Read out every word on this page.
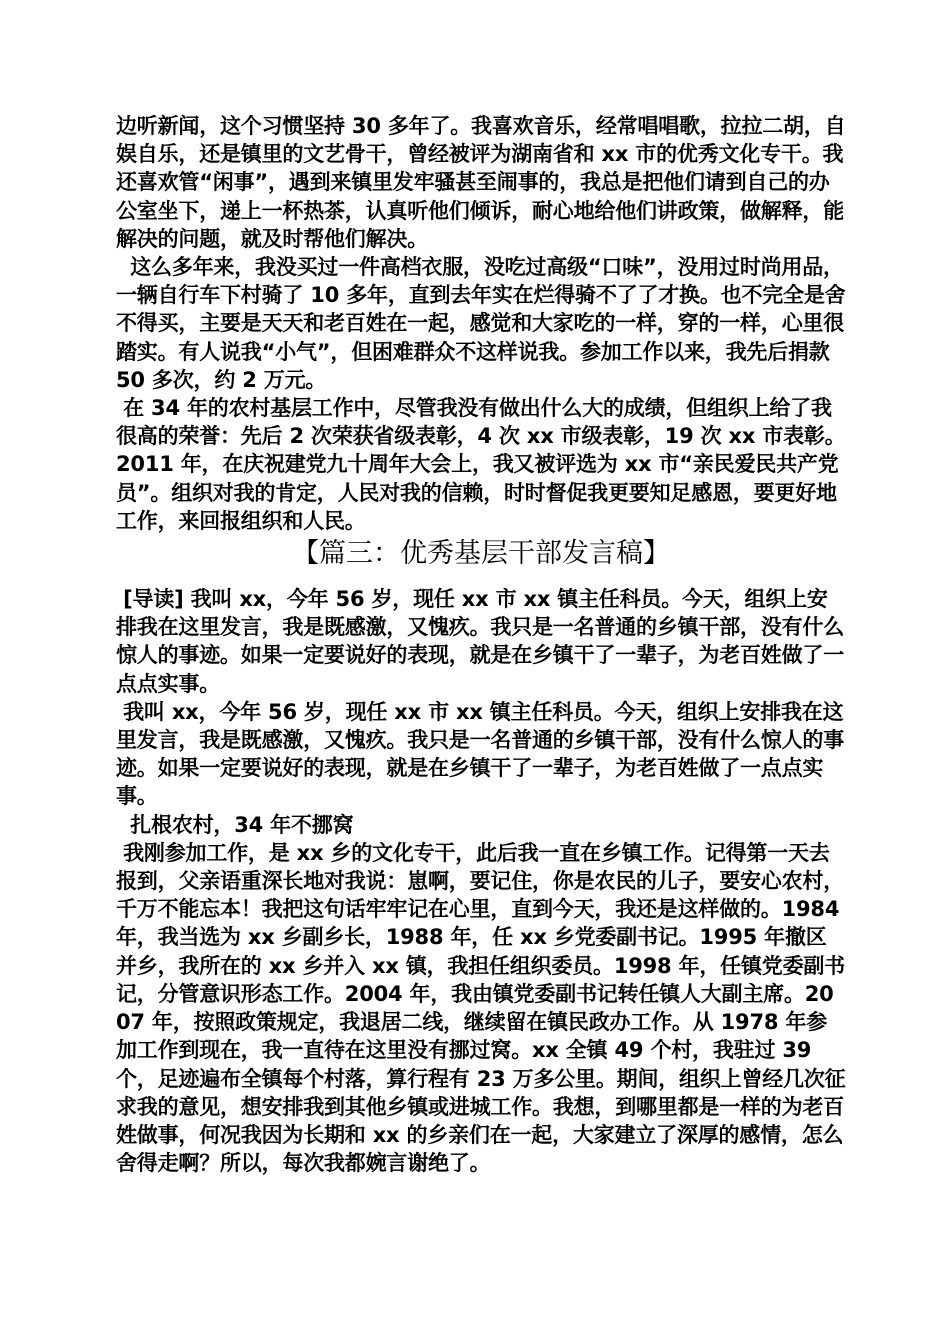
边听新闻，这个习惯坚持 30 多年了。我喜欢音乐，经常唱唱歌，拉拉二胡，自娱自乐，还是镇里的文艺骨干，曾经被评为湖南省和 xx 市的优秀文化专干。我还喜欢管“闲事”，遇到来镇里发牢骚甚至闹事的，我总是把他们请到自己的办公室坐下，递上一杯热茶，认真听他们倾诉，耐心地给他们讲政策，做解释，能解决的问题，就及时帮他们解决。

这么多年来，我没买过一件高档衣服，没吃过高级“口味”，没用过时尚用品，一辆自行车下村骑了 10 多年，直到去年实在烂得骑不了了才换。也不完全是舍不得买，主要是天天和老百姓在一起，感觉和大家吃的一样，穿的一样，心里很踏实。有人说我“小气”，但困难群众不这样说我。参加工作以来，我先后捐款 50 多次，约 2 万元。

在 34 年的农村基层工作中，尽管我没有做出什么大的成绩，但组织上给了我很高的荣誉：先后 2 次荣获省级表彰，4 次 xx 市级表彰，19 次 xx 市表彰。2011 年，在庆祝建党九十周年大会上，我又被评选为 xx 市“亲民爱民共产党员”。组织对我的肯定，人民对我的信赖，时时督促我更要知足感恩，要更好地工作，来回报组织和人民。

【篇三：优秀基层干部发言稿】

[导读] 我叫 xx，今年 56 岁，现任 xx 市 xx 镇主任科员。今天，组织上安排我在这里发言，我是既感激，又愧疚。我只是一名普通的乡镇干部，没有什么惊人的事迹。如果一定要说好的表现，就是在乡镇干了一辈子，为老百姓做了一点点实事。

我叫 xx，今年 56 岁，现任 xx 市 xx 镇主任科员。今天，组织上安排我在这里发言，我是既感激，又愧疚。我只是一名普通的乡镇干部，没有什么惊人的事迹。如果一定要说好的表现，就是在乡镇干了一辈子，为老百姓做了一点点实事。

扎根农村，34 年不挪窝

我刚参加工作，是 xx 乡的文化专干，此后我一直在乡镇工作。记得第一天去报到，父亲语重深长地对我说：崽啊，要记住，你是农民的儿子，要安心农村，千万不能忘本！我把这句话牢牢记在心里，直到今天，我还是这样做的。1984 年，我当选为 xx 乡副乡长，1988 年，任 xx 乡党委副书记。1995 年撤区并乡，我所在的 xx 乡并入 xx 镇，我担任组织委员。1998 年，任镇党委副书记，分管意识形态工作。2004 年，我由镇党委副书记转任镇人大副主席。2007 年，按照政策规定，我退居二线，继续留在镇民政办工作。从 1978 年参加工作到现在，我一直待在这里没有挪过窝。xx 全镇 49 个村，我驻过 39 个，足迹遍布全镇每个村落，算行程有 23 万多公里。期间，组织上曾经几次征求我的意见，想安排我到其他乡镇或进城工作。我想，到哪里都是一样的为老百姓做事，何况我因为长期和 xx 的乡亲们在一起，大家建立了深厚的感情，怎么舍得走啊？所以，每次我都婉言谢绝了。
